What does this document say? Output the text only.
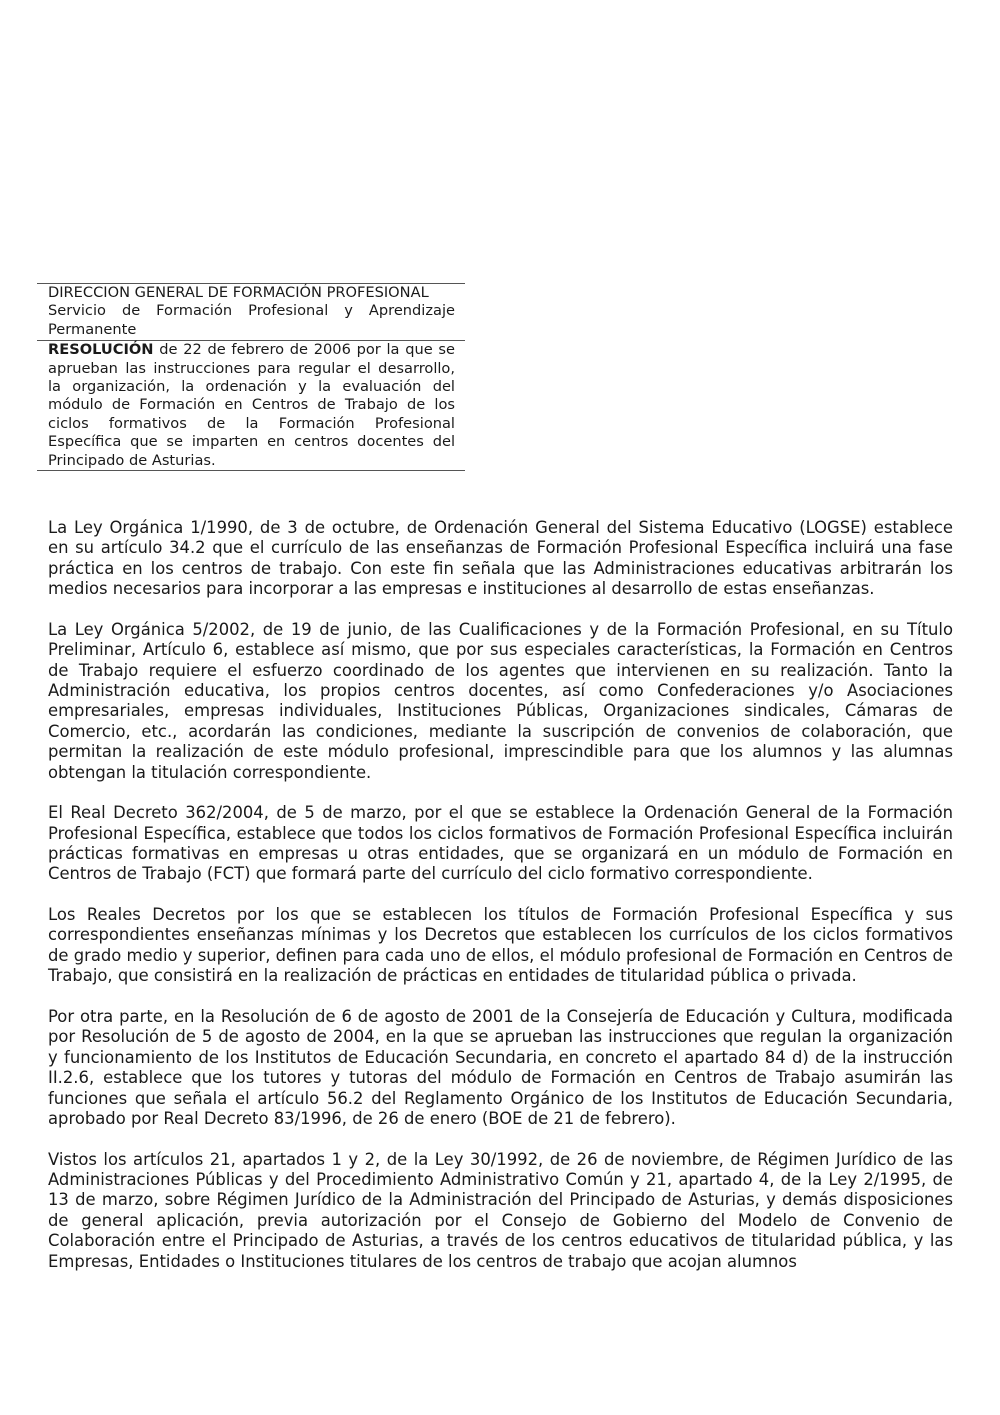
DIRECCION GENERAL DE FORMACIÓN PROFESIONAL
Servicio de Formación Profesional y Aprendizaje Permanente
RESOLUCIÓN de 22 de febrero de 2006 por la que se aprueban las instrucciones para regular el desarrollo, la organización, la ordenación y la evaluación del módulo de Formación en Centros de Trabajo de los ciclos formativos de la Formación Profesional Específica que se imparten en centros docentes del Principado de Asturias.

La Ley Orgánica 1/1990, de 3 de octubre, de Ordenación General del Sistema Educativo (LOGSE) establece en su artículo 34.2 que el currículo de las enseñanzas de Formación Profesional Específica incluirá una fase práctica en los centros de trabajo. Con este fin señala que las Administraciones educativas arbitrarán los medios necesarios para incorporar a las empresas e instituciones al desarrollo de estas enseñanzas.

La Ley Orgánica 5/2002, de 19 de junio, de las Cualificaciones y de la Formación Profesional, en su Título Preliminar, Artículo 6, establece así mismo, que por sus especiales características, la Formación en Centros de Trabajo requiere el esfuerzo coordinado de los agentes que intervienen en su realización. Tanto la Administración educativa, los propios centros docentes, así como Confederaciones y/o Asociaciones empresariales, empresas individuales, Instituciones Públicas, Organizaciones sindicales, Cámaras de Comercio, etc., acordarán las condiciones, mediante la suscripción de convenios de colaboración, que permitan la realización de este módulo profesional, imprescindible para que los alumnos y las alumnas obtengan la titulación correspondiente.

El Real Decreto 362/2004, de 5 de marzo, por el que se establece la Ordenación General de la Formación Profesional Específica, establece que todos los ciclos formativos de Formación Profesional Específica incluirán prácticas formativas en empresas u otras entidades, que se organizará en un módulo de Formación en Centros de Trabajo (FCT) que formará parte del currículo del ciclo formativo correspondiente.

Los Reales Decretos por los que se establecen los títulos de Formación Profesional Específica y sus correspondientes enseñanzas mínimas y los Decretos que establecen los currículos de los ciclos formativos de grado medio y superior, definen para cada uno de ellos, el módulo profesional de Formación en Centros de Trabajo, que consistirá en la realización de prácticas en entidades de titularidad pública o privada.

Por otra parte, en la Resolución de 6 de agosto de 2001 de la Consejería de Educación y Cultura, modificada por Resolución de 5 de agosto de 2004, en la que se aprueban las instrucciones que regulan la organización y funcionamiento de los Institutos de Educación Secundaria, en concreto el apartado 84 d) de la instrucción II.2.6, establece que los tutores y tutoras del módulo de Formación en Centros de Trabajo asumirán las funciones que señala el artículo 56.2 del Reglamento Orgánico de los Institutos de Educación Secundaria, aprobado por Real Decreto 83/1996, de 26 de enero (BOE de 21 de febrero).

Vistos los artículos 21, apartados 1 y 2, de la Ley 30/1992, de 26 de noviembre, de Régimen Jurídico de las Administraciones Públicas y del Procedimiento Administrativo Común y 21, apartado 4, de la Ley 2/1995, de 13 de marzo, sobre Régimen Jurídico de la Administración del Principado de Asturias, y demás disposiciones de general aplicación, previa autorización por el Consejo de Gobierno del Modelo de Convenio de Colaboración entre el Principado de Asturias, a través de los centros educativos de titularidad pública, y las Empresas, Entidades o Instituciones titulares de los centros de trabajo que acojan alumnos
